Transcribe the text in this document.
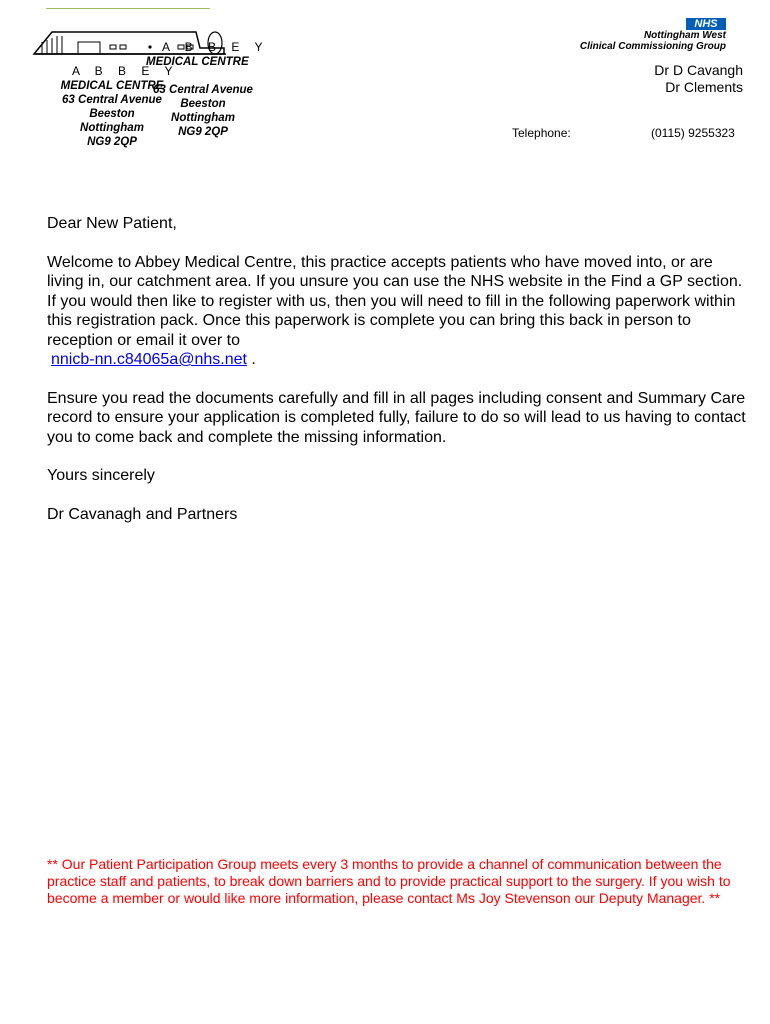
A B B E Y
MEDICAL CENTRE
A B B E Y
MEDICAL CENTRE
63 Central Avenue
Beeston
Nottingham
NG9 2QP
63 Central Avenue
Beeston
Nottingham
NG9 2QP
NHS
Nottingham West
Clinical Commissioning Group
Dr D Cavangh
Dr Clements
Telephone:	(0115) 9255323

Dear New Patient,

Welcome to Abbey Medical Centre, this practice accepts patients who have moved into, or are living in, our catchment area. If you unsure you can use the NHS website in the Find a GP section. If you would then like to register with us, then you will need to fill in the following paperwork within this registration pack. Once this paperwork is complete you can bring this back in person to reception or email it over to
nnicb-nn.c84065a@nhs.net .

Ensure you read the documents carefully and fill in all pages including consent and Summary Care record to ensure your application is completed fully, failure to do so will lead to us having to contact you to come back and complete the missing information.

Yours sincerely

Dr Cavanagh and Partners

** Our Patient Participation Group meets every 3 months to provide a channel of communication between the practice staff and patients, to break down barriers and to provide practical support to the surgery. If you wish to become a member or would like more information, please contact Ms Joy Stevenson our Deputy Manager. **
